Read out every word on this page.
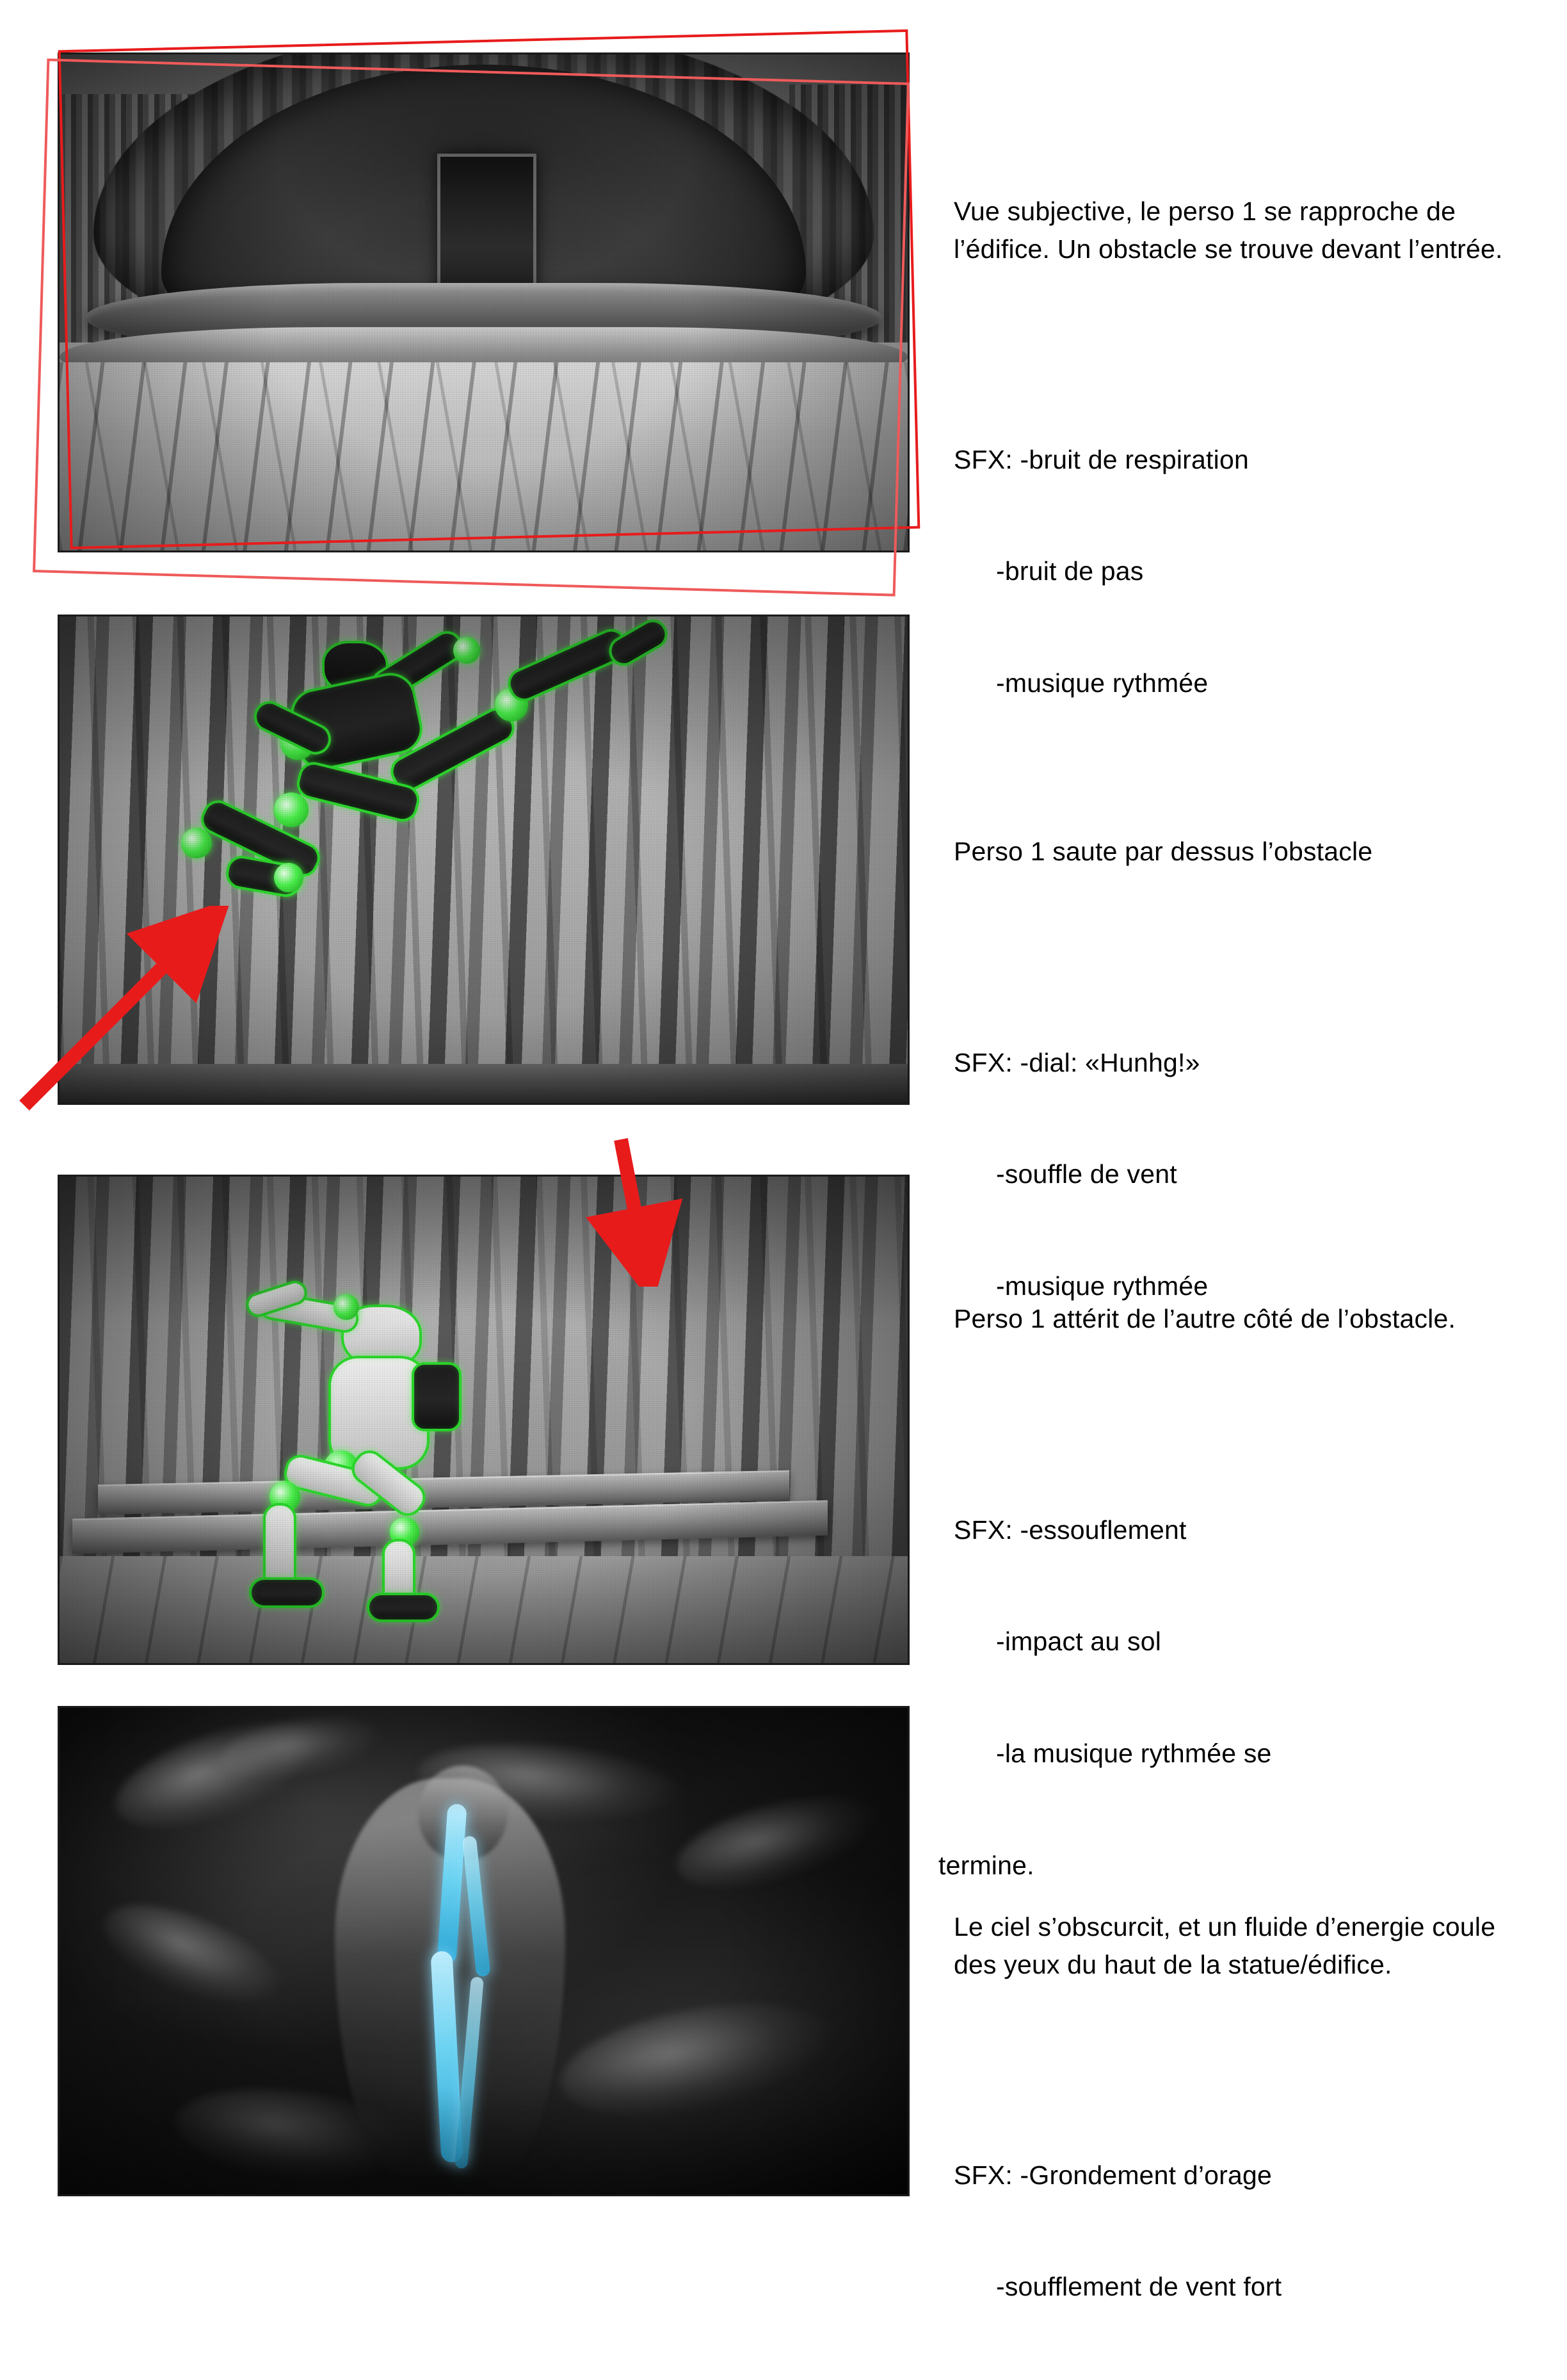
Vue subjective, le perso 1 se rapproche de l’édifice. Un obstacle se trouve devant l’entrée.

SFX: -bruit de respiration

-bruit de pas

-musique rythmée

Perso 1 saute par dessus l’obstacle

SFX: -dial: «Hunhg!»

-souffle de vent

-musique rythmée

Perso 1 attérit de l’autre côté de l’obstacle.

SFX: -essouflement

-impact au sol

-la musique rythmée se

termine.

Le ciel s’obscurcit, et un fluide d’energie coule des yeux du haut de la statue/édifice.

SFX: -Grondement d’orage

-soufflement de vent fort
